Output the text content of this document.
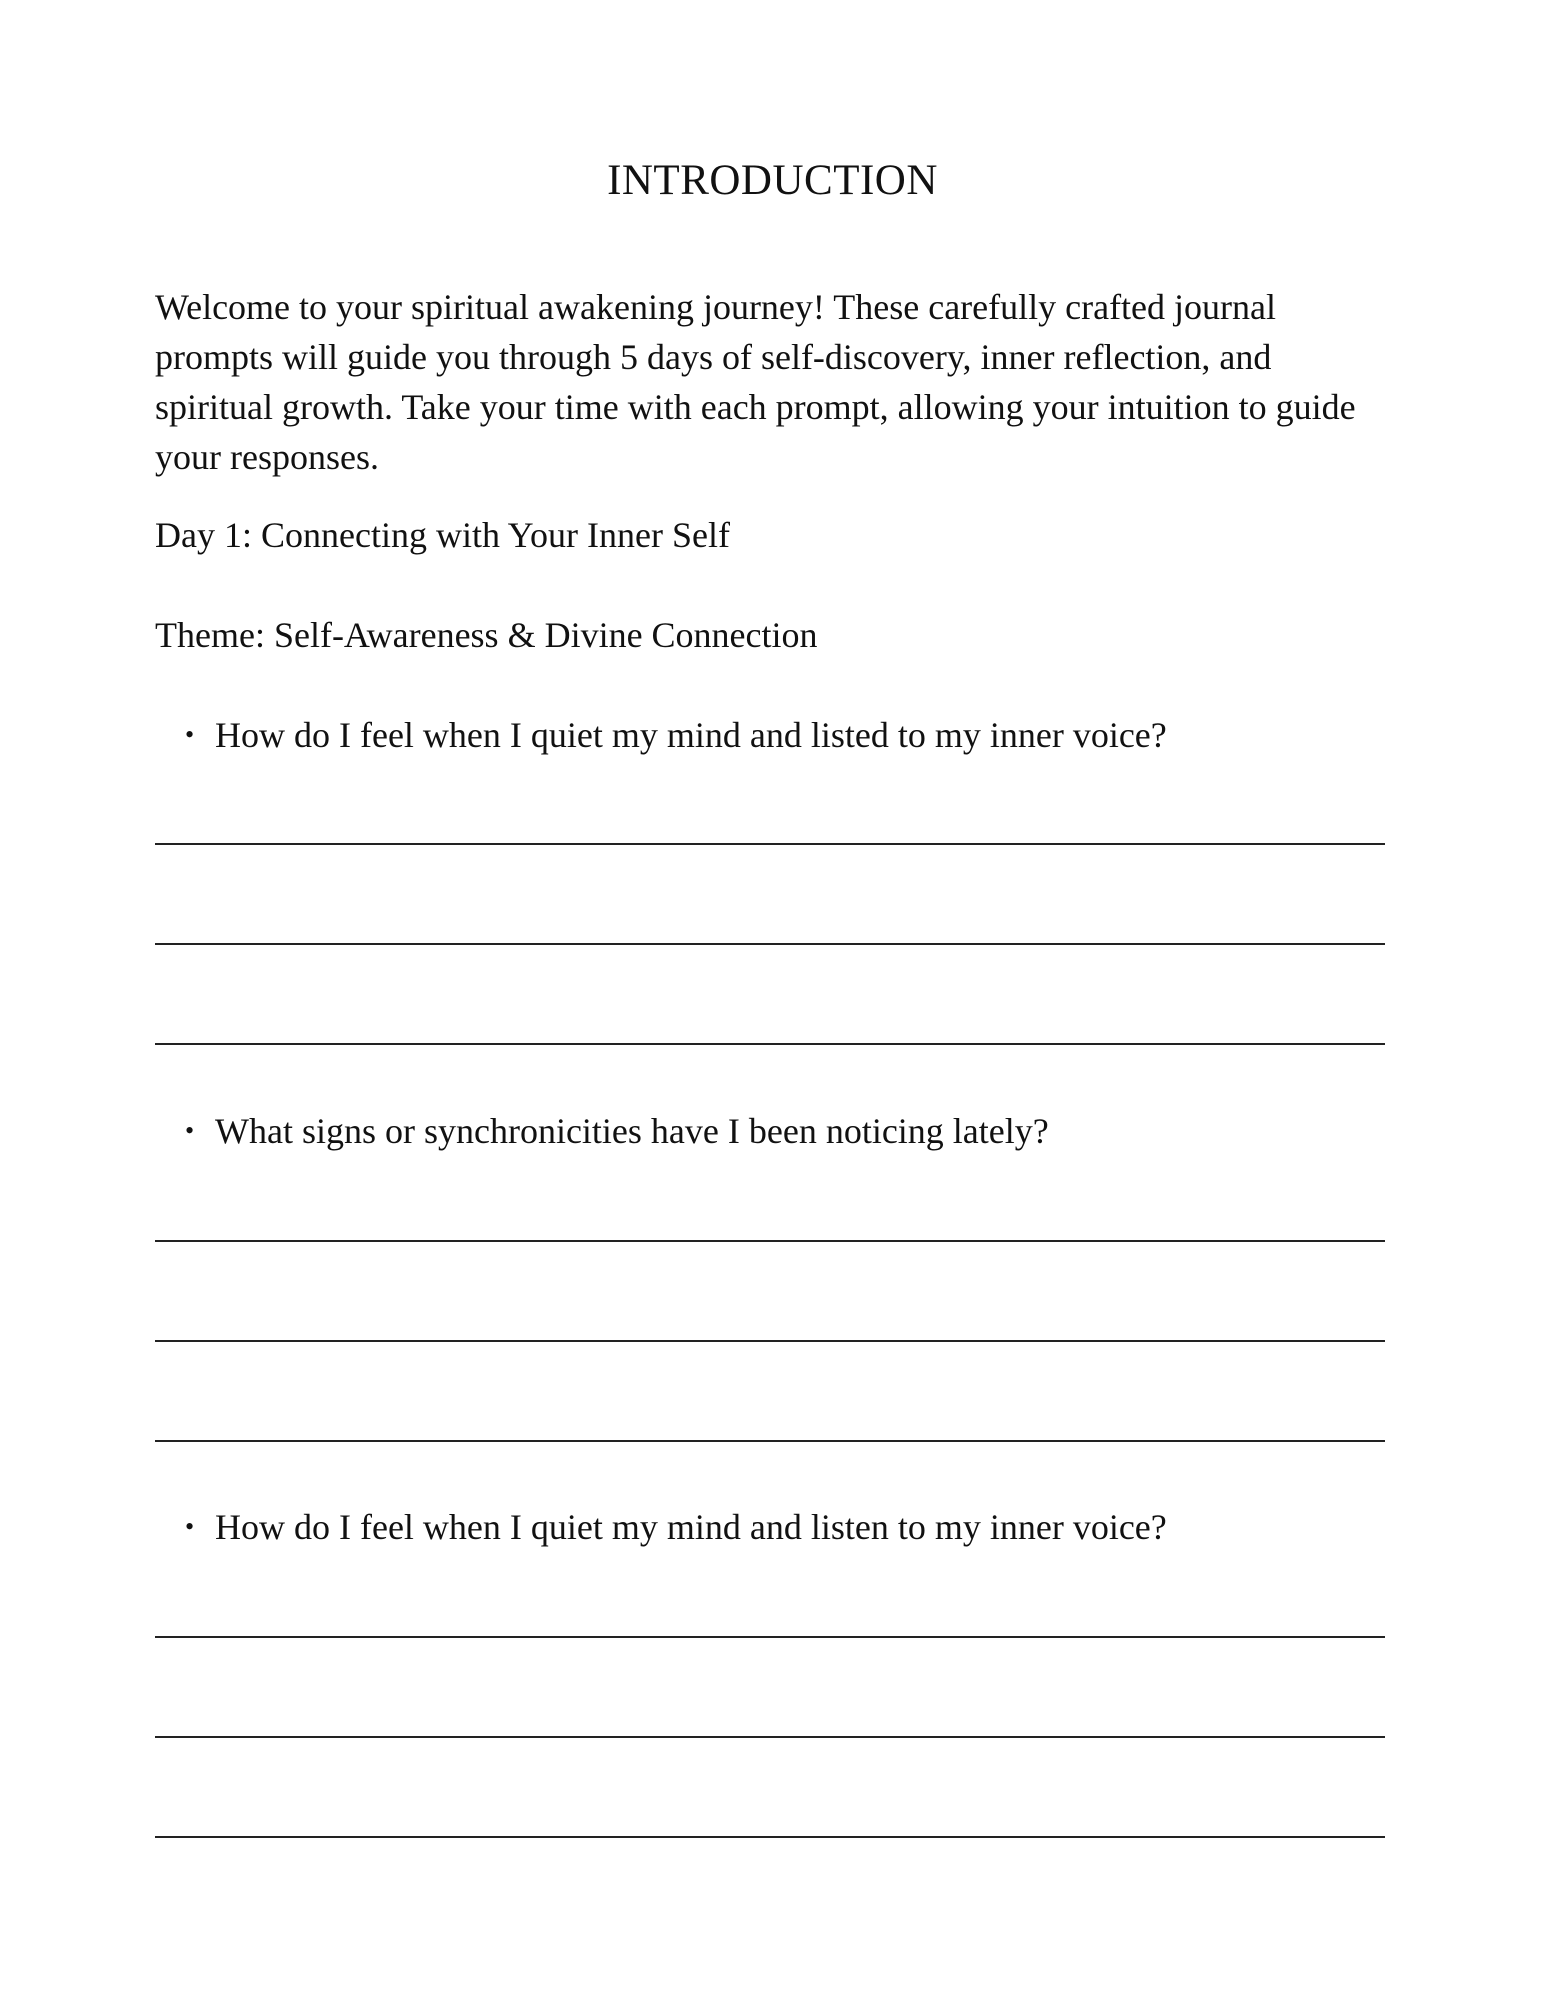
INTRODUCTION

Welcome to your spiritual awakening journey! These carefully crafted journal prompts will guide you through 5 days of self-discovery, inner reflection, and spiritual growth. Take your time with each prompt, allowing your intuition to guide your responses.

Day 1: Connecting with Your Inner Self

Theme: Self-Awareness & Divine Connection

• How do I feel when I quiet my mind and listed to my inner voice?
• What signs or synchronicities have I been noticing lately?
• How do I feel when I quiet my mind and listen to my inner voice?
